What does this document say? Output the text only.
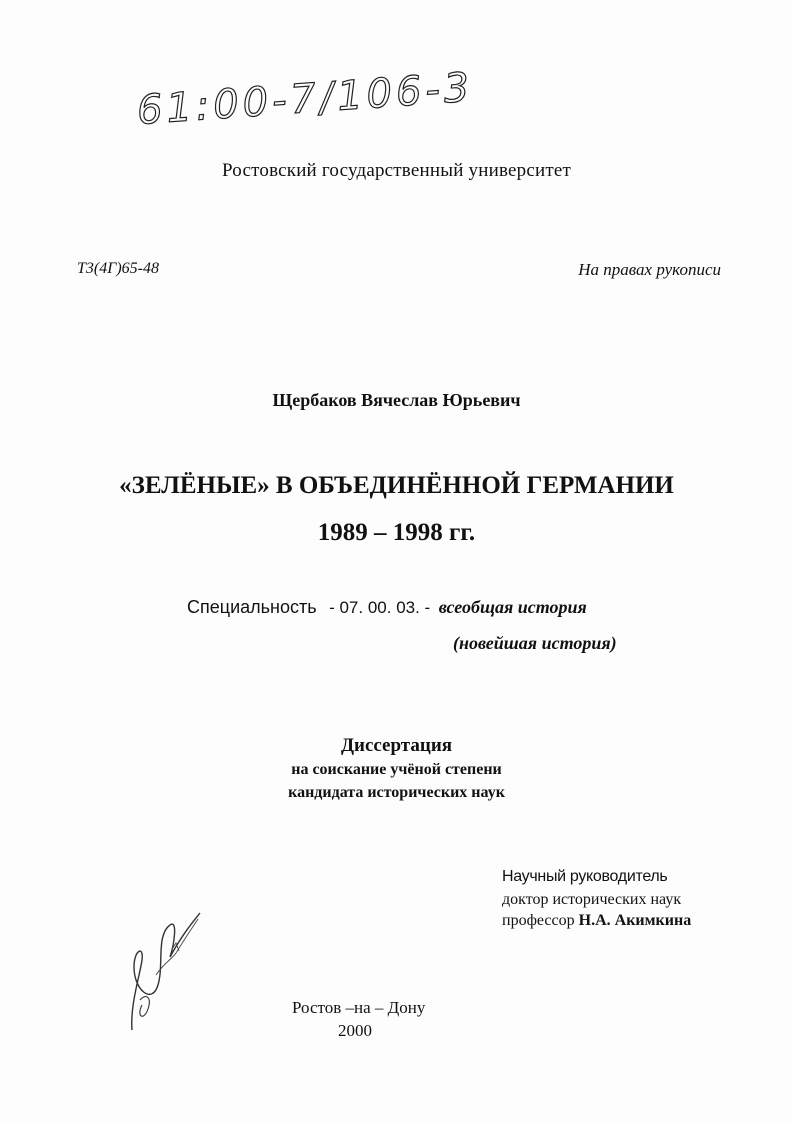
61:00-7/106-3
Ростовский государственный университет
Т3(4Г)65-48	На правах рукописи
Щербаков Вячеслав Юрьевич
«ЗЕЛЁНЫЕ» В ОБЪЕДИНЁННОЙ ГЕРМАНИИ
1989 – 1998 гг.
Специальность - 07. 00. 03. - всеобщая история
(новейшая история)
Диссертация
на соискание учёной степени
кандидата исторических наук
Научный руководитель
доктор исторических наук
профессор Н.А. Акимкина
Ростов –на – Дону
2000
